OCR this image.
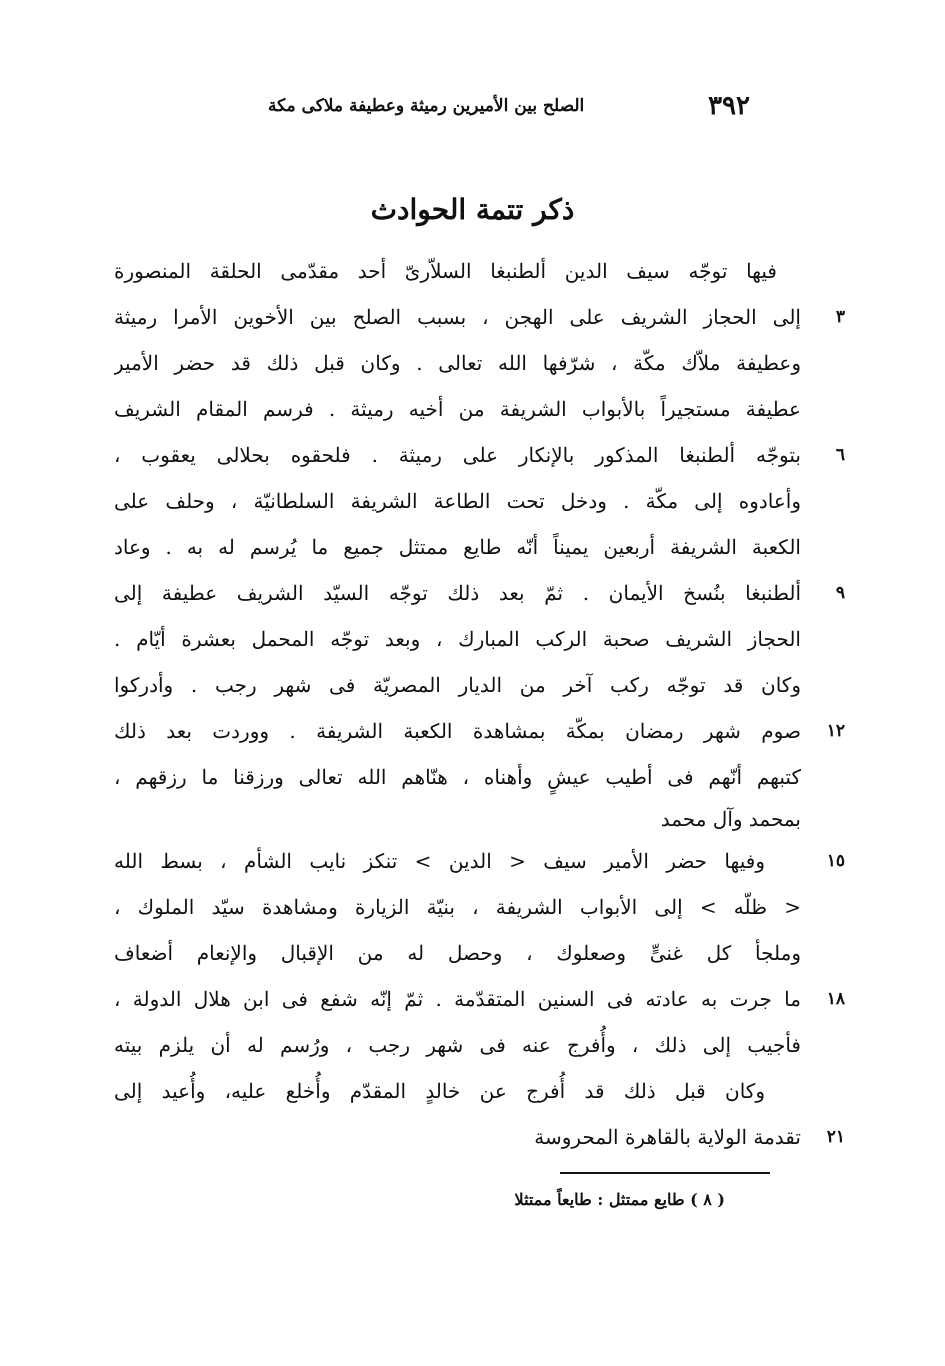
الصلح بين الأميرين رميثة وعطيفة ملاكى مكة	٣٩٢
ذكر تتمة الحوادث
فيها توجّه سيف الدين ألطنبغا السلاّرىّ أحد مقدّمى الحلقة المنصورة
٣
إلى الحجاز الشريف على الهجن ، بسبب الصلح بين الأخوين الأمرا رميثة
وعطيفة ملاّك مكّة ، شرّفها الله تعالى . وكان قبل ذلك قد حضر الأمير
عطيفة مستجيراً بالأبواب الشريفة من أخيه رميثة . فرسم المقام الشريف
٦
بتوجّه ألطنبغا المذكور بالإنكار على رميثة . فلحقوه بحلالى يعقوب ،
وأعادوه إلى مكّة . ودخل تحت الطاعة الشريفة السلطانيّة ، وحلف على
الكعبة الشريفة أربعين يميناً أنّه طايع ممتثل جميع ما يُرسم له به . وعاد
٩
ألطنبغا بنُسخ الأيمان . ثمّ بعد ذلك توجّه السيّد الشريف عطيفة إلى
الحجاز الشريف صحبة الركب المبارك ، وبعد توجّه المحمل بعشرة أيّام .
وكان قد توجّه ركب آخر من الديار المصريّة فى شهر رجب . وأدركوا
١٢
صوم شهر رمضان بمكّة بمشاهدة الكعبة الشريفة . ووردت بعد ذلك
كتبهم أنّهم فى أطيب عيشٍ وأهناه ، هنّاهم الله تعالى ورزقنا ما رزقهم ،
بمحمد وآل محمد
١٥
وفيها حضر الأمير سيف < الدين > تنكز نايب الشأم ، بسط الله
< ظلّه > إلى الأبواب الشريفة ، بنيّة الزيارة ومشاهدة سيّد الملوك ،
وملجأ كل غنىٍّ وصعلوك ، وحصل له من الإقبال والإنعام أضعاف
١٨
ما جرت به عادته فى السنين المتقدّمة . ثمّ إنّه شفع فى ابن هلال الدولة ،
فأجيب إلى ذلك ، وأُفرج عنه فى شهر رجب ، ورُسم له أن يلزم بيته
وكان قبل ذلك قد أُفرج عن خالدٍ المقدّم وأُخلع عليه، وأُعيد إلى
٢١
تقدمة الولاية بالقاهرة المحروسة
( ٨ ) طايع ممتثل : طايعاً ممتثلا
